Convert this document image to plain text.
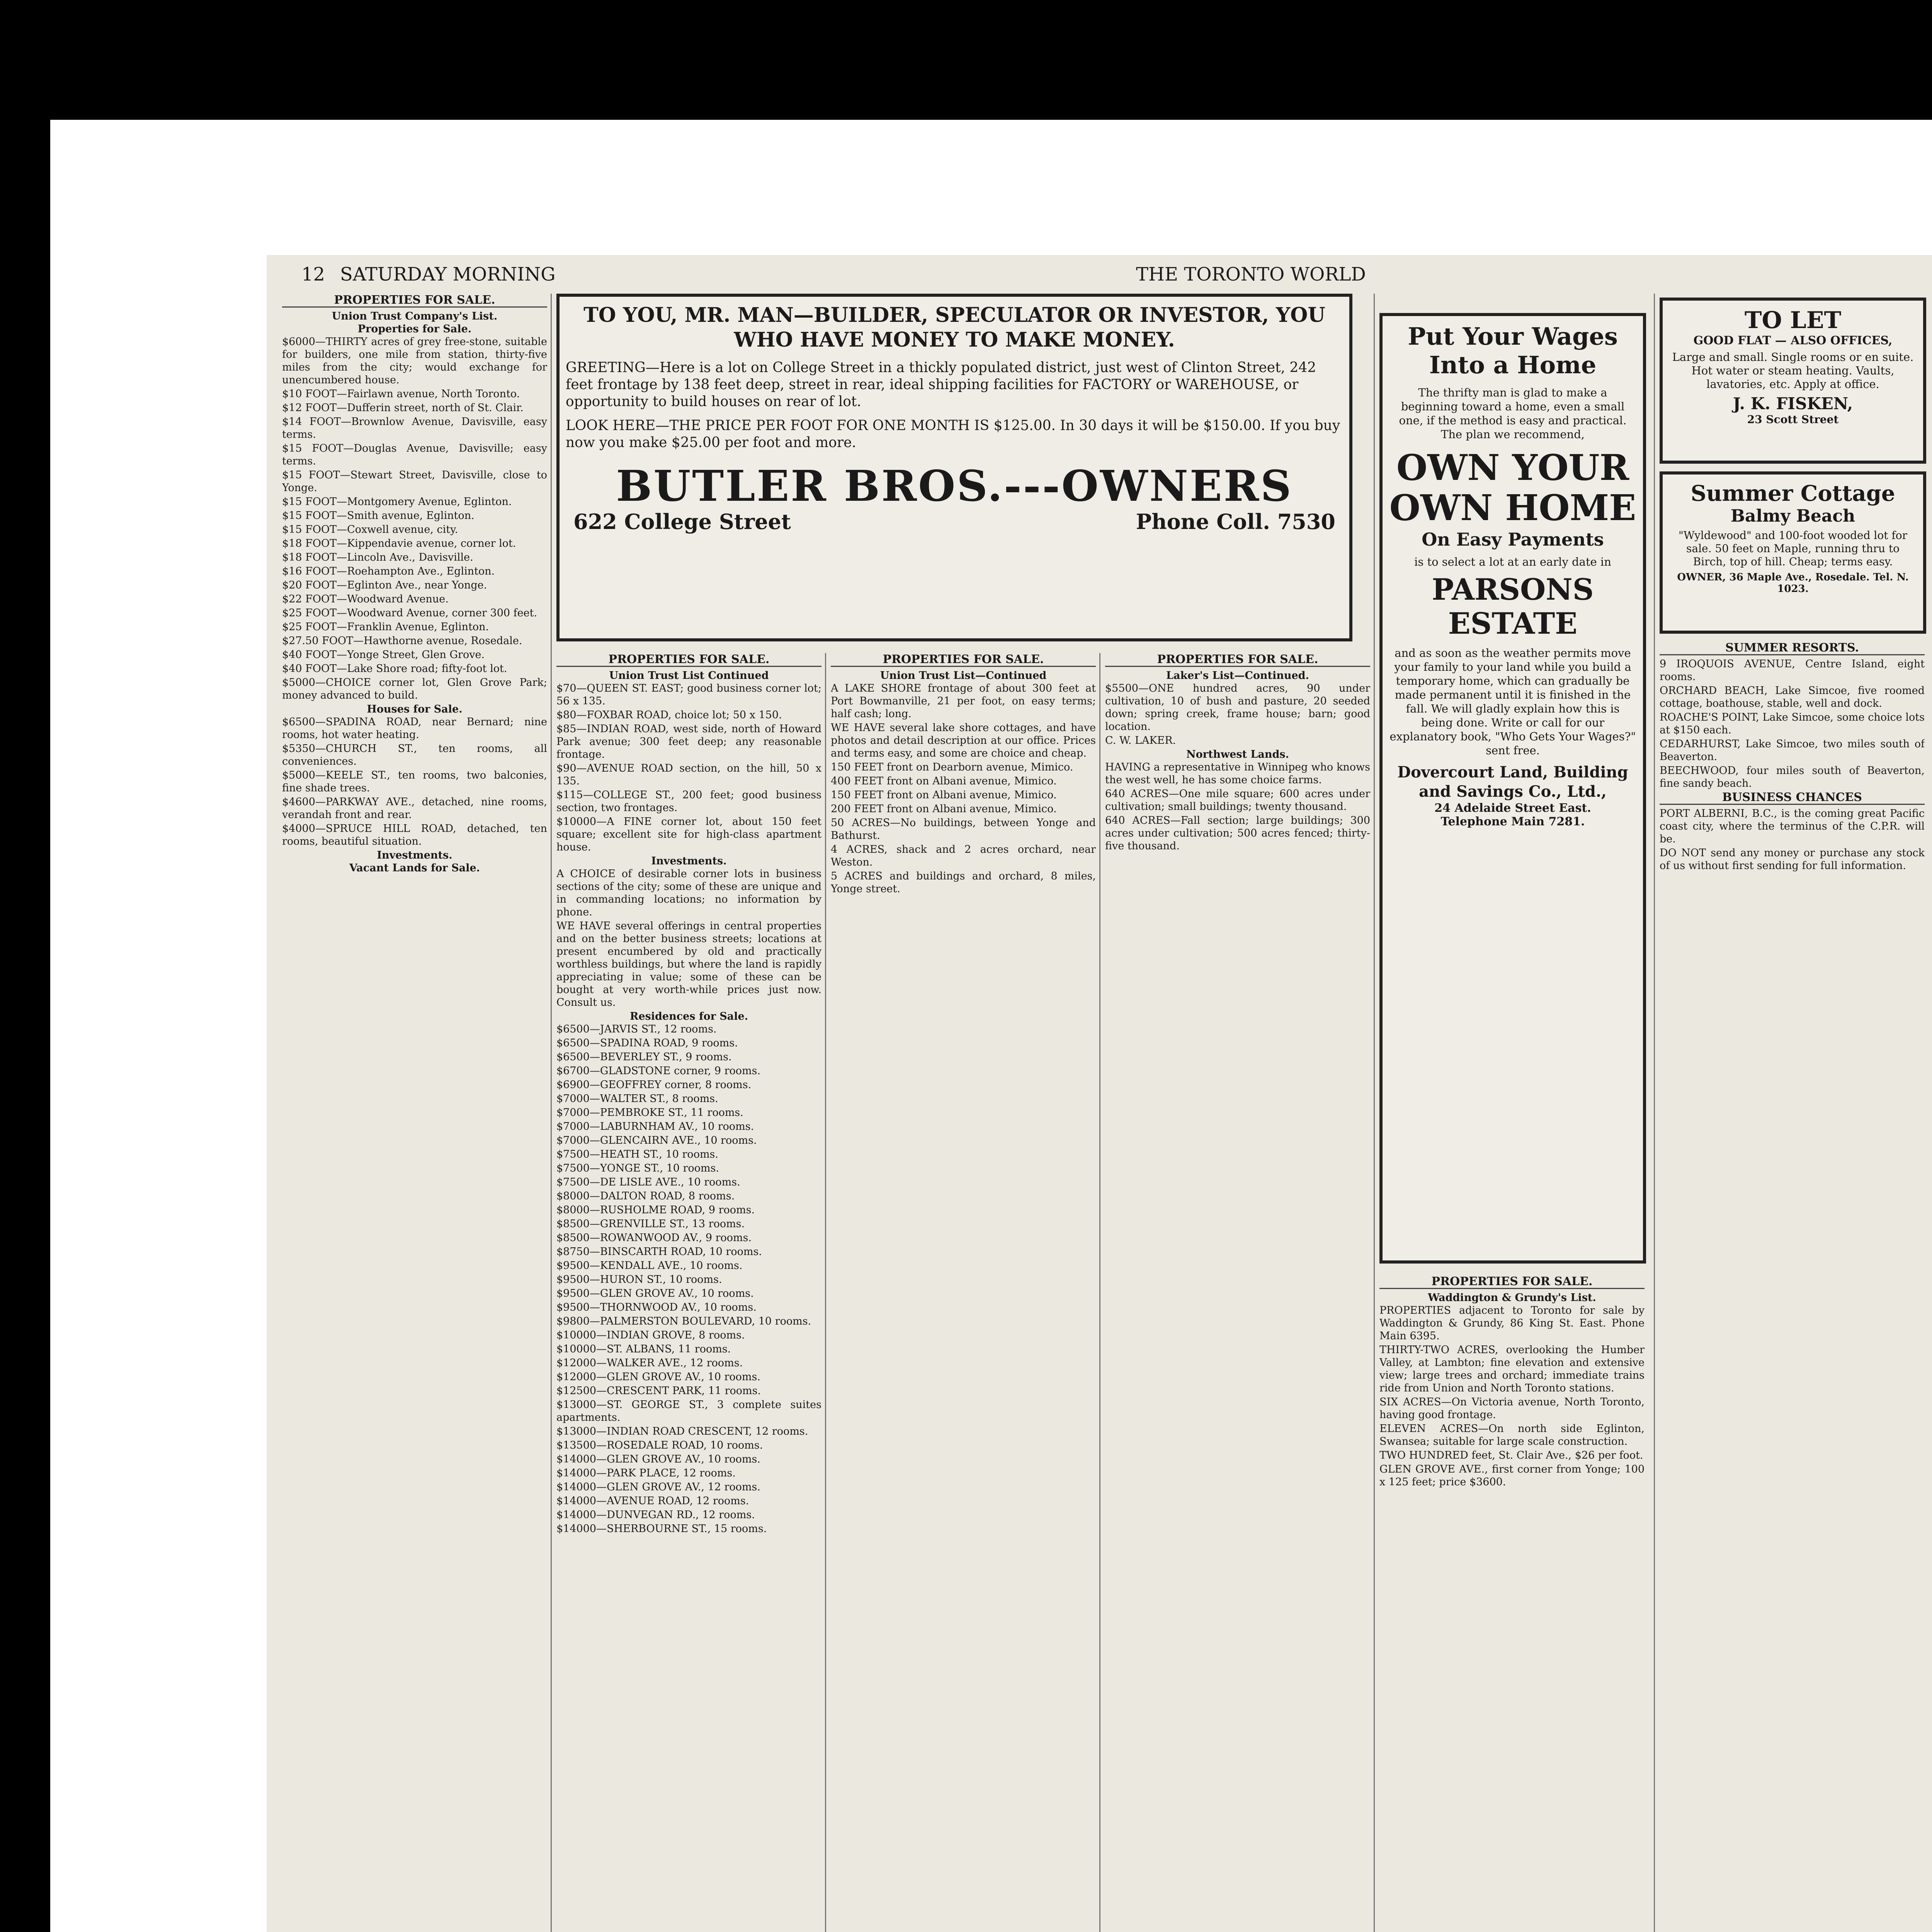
12 SATURDAY MORNING	THE TORONTO WORLD
PROPERTIES FOR SALE.
Union Trust Company's List.
Properties for Sale.

$6000—THIRTY acres of grey free-stone, suitable for builders, one mile from station, thirty-five miles from the city; would exchange for unencumbered house.

$10 FOOT—Fairlawn avenue, North Toronto.

$12 FOOT—Dufferin street, north of St. Clair.

$14 FOOT—Brownlow Avenue, Davisville, easy terms.

$15 FOOT—Douglas Avenue, Davisville; easy terms.

$15 FOOT—Stewart Street, Davisville, close to Yonge.

$15 FOOT—Montgomery Avenue, Eglinton.

$15 FOOT—Smith avenue, Eglinton.

$15 FOOT—Coxwell avenue, city.

$18 FOOT—Kippendavie avenue, corner lot.

$18 FOOT—Lincoln Ave., Davisville.

$16 FOOT—Roehampton Ave., Eglinton.

$20 FOOT—Eglinton Ave., near Yonge.

$22 FOOT—Woodward Avenue.

$25 FOOT—Woodward Avenue, corner 300 feet.

$25 FOOT—Franklin Avenue, Eglinton.

$27.50 FOOT—Hawthorne avenue, Rosedale.

$40 FOOT—Yonge Street, Glen Grove.

$40 FOOT—Lake Shore road; fifty-foot lot.

$5000—CHOICE corner lot, Glen Grove Park; money advanced to build.

Houses for Sale.

$6500—SPADINA ROAD, near Bernard; nine rooms, hot water heating.

$5350—CHURCH ST., ten rooms, all conveniences.

$5000—KEELE ST., ten rooms, two balconies, fine shade trees.

$4600—PARKWAY AVE., detached, nine rooms, verandah front and rear.

$4000—SPRUCE HILL ROAD, detached, ten rooms, beautiful situation.

Investments.
Vacant Lands for Sale.
TO YOU, MR. MAN—BUILDER, SPECULATOR OR INVESTOR, YOU WHO HAVE MONEY TO MAKE MONEY.

GREETING—Here is a lot on College Street in a thickly populated district, just west of Clinton Street, 242 feet frontage by 138 feet deep, street in rear, ideal shipping facilities for FACTORY or WAREHOUSE, or opportunity to build houses on rear of lot.

LOOK HERE—THE PRICE PER FOOT FOR ONE MONTH IS $125.00. In 30 days it will be $150.00. If you buy now you make $25.00 per foot and more.

BUTLER BROS.---OWNERS
622 College Street	Phone Coll. 7530
PROPERTIES FOR SALE.
Union Trust List Continued

$70—QUEEN ST. EAST; good business corner lot; 56 x 135.

$80—FOXBAR ROAD, choice lot; 50 x 150.

$85—INDIAN ROAD, west side, north of Howard Park avenue; 300 feet deep; any reasonable frontage.

$90—AVENUE ROAD section, on the hill, 50 x 135.

$115—COLLEGE ST., 200 feet; good business section, two frontages.

$10000—A FINE corner lot, about 150 feet square; excellent site for high-class apartment house.

Investments.

A CHOICE of desirable corner lots in business sections of the city; some of these are unique and in commanding locations; no information by phone.

WE HAVE several offerings in central properties and on the better business streets; locations at present encumbered by old and practically worthless buildings, but where the land is rapidly appreciating in value; some of these can be bought at very worth-while prices just now. Consult us.

Residences for Sale.

$6500—JARVIS ST., 12 rooms.

$6500—SPADINA ROAD, 9 rooms.

$6500—BEVERLEY ST., 9 rooms.

$6700—GLADSTONE corner, 9 rooms.

$6900—GEOFFREY corner, 8 rooms.

$7000—WALTER ST., 8 rooms.

$7000—PEMBROKE ST., 11 rooms.

$7000—LABURNHAM AV., 10 rooms.

$7000—GLENCAIRN AVE., 10 rooms.

$7500—HEATH ST., 10 rooms.

$7500—YONGE ST., 10 rooms.

$7500—DE LISLE AVE., 10 rooms.

$8000—DALTON ROAD, 8 rooms.

$8000—RUSHOLME ROAD, 9 rooms.

$8500—GRENVILLE ST., 13 rooms.

$8500—ROWANWOOD AV., 9 rooms.

$8750—BINSCARTH ROAD, 10 rooms.

$9500—KENDALL AVE., 10 rooms.

$9500—HURON ST., 10 rooms.

$9500—GLEN GROVE AV., 10 rooms.

$9500—THORNWOOD AV., 10 rooms.

$9800—PALMERSTON BOULEVARD, 10 rooms.

$10000—INDIAN GROVE, 8 rooms.

$10000—ST. ALBANS, 11 rooms.

$12000—WALKER AVE., 12 rooms.

$12000—GLEN GROVE AV., 10 rooms.

$12500—CRESCENT PARK, 11 rooms.

$13000—ST. GEORGE ST., 3 complete suites apartments.

$13000—INDIAN ROAD CRESCENT, 12 rooms.

$13500—ROSEDALE ROAD, 10 rooms.

$14000—GLEN GROVE AV., 10 rooms.

$14000—PARK PLACE, 12 rooms.

$14000—GLEN GROVE AV., 12 rooms.

$14000—AVENUE ROAD, 12 rooms.

$14000—DUNVEGAN RD., 12 rooms.

$14000—SHERBOURNE ST., 15 rooms.

PROPERTIES FOR SALE.
Union Trust List—Continued

A LAKE SHORE frontage of about 300 feet at Port Bowmanville, 21 per foot, on easy terms; half cash; long.

WE HAVE several lake shore cottages, and have photos and detail description at our office. Prices and terms easy, and some are choice and cheap.

150 FEET front on Dearborn avenue, Mimico.

400 FEET front on Albani avenue, Mimico.

150 FEET front on Albani avenue, Mimico.

200 FEET front on Albani avenue, Mimico.

50 ACRES—No buildings, between Yonge and Bathurst.

4 ACRES, shack and 2 acres orchard, near Weston.

5 ACRES and buildings and orchard, 8 miles, Yonge street.

PROPERTIES FOR SALE.
Laker's List—Continued.

$5500—ONE hundred acres, 90 under cultivation, 10 of bush and pasture, 20 seeded down; spring creek, frame house; barn; good location.

C. W. LAKER.

Northwest Lands.

HAVING a representative in Winnipeg who knows the west well, he has some choice farms.

640 ACRES—One mile square; 600 acres under cultivation; small buildings; twenty thousand.

640 ACRES—Fall section; large buildings; 300 acres under cultivation; 500 acres fenced; thirty-five thousand.

Put Your Wages Into a Home

The thrifty man is glad to make a beginning toward a home, even a small one, if the method is easy and practical. The plan we recommend,

OWN YOUR OWN HOME
On Easy Payments

is to select a lot at an early date in

PARSONS ESTATE

and as soon as the weather permits move your family to your land while you build a temporary home, which can gradually be made permanent until it is finished in the fall. We will gladly explain how this is being done. Write or call for our explanatory book, "Who Gets Your Wages?" sent free.

Dovercourt Land, Building and Savings Co., Ltd.,
24 Adelaide Street East.
Telephone Main 7281.
PROPERTIES FOR SALE.
Waddington & Grundy's List.

PROPERTIES adjacent to Toronto for sale by Waddington & Grundy, 86 King St. East. Phone Main 6395.

THIRTY-TWO ACRES, overlooking the Humber Valley, at Lambton; fine elevation and extensive view; large trees and orchard; immediate trains ride from Union and North Toronto stations.

SIX ACRES—On Victoria avenue, North Toronto, having good frontage.

ELEVEN ACRES—On north side Eglinton, Swansea; suitable for large scale construction.

TWO HUNDRED feet, St. Clair Ave., $26 per foot.

GLEN GROVE AVE., first corner from Yonge; 100 x 125 feet; price $3600.

TO LET
GOOD FLAT — ALSO OFFICES,

Large and small. Single rooms or en suite. Hot water or steam heating. Vaults, lavatories, etc. Apply at office.

J. K. FISKEN,
23 Scott Street
Summer Cottage
Balmy Beach

"Wyldewood" and 100-foot wooded lot for sale. 50 feet on Maple, running thru to Birch, top of hill. Cheap; terms easy.

OWNER, 36 Maple Ave., Rosedale. Tel. N. 1023.
SUMMER RESORTS.

9 IROQUOIS AVENUE, Centre Island, eight rooms.

ORCHARD BEACH, Lake Simcoe, five roomed cottage, boathouse, stable, well and dock.

ROACHE'S POINT, Lake Simcoe, some choice lots at $150 each.

CEDARHURST, Lake Simcoe, two miles south of Beaverton.

BEECHWOOD, four miles south of Beaverton, fine sandy beach.

BUSINESS CHANCES

PORT ALBERNI, B.C., is the coming great Pacific coast city, where the terminus of the C.P.R. will be.

DO NOT send any money or purchase any stock of us without first sending for full information.
